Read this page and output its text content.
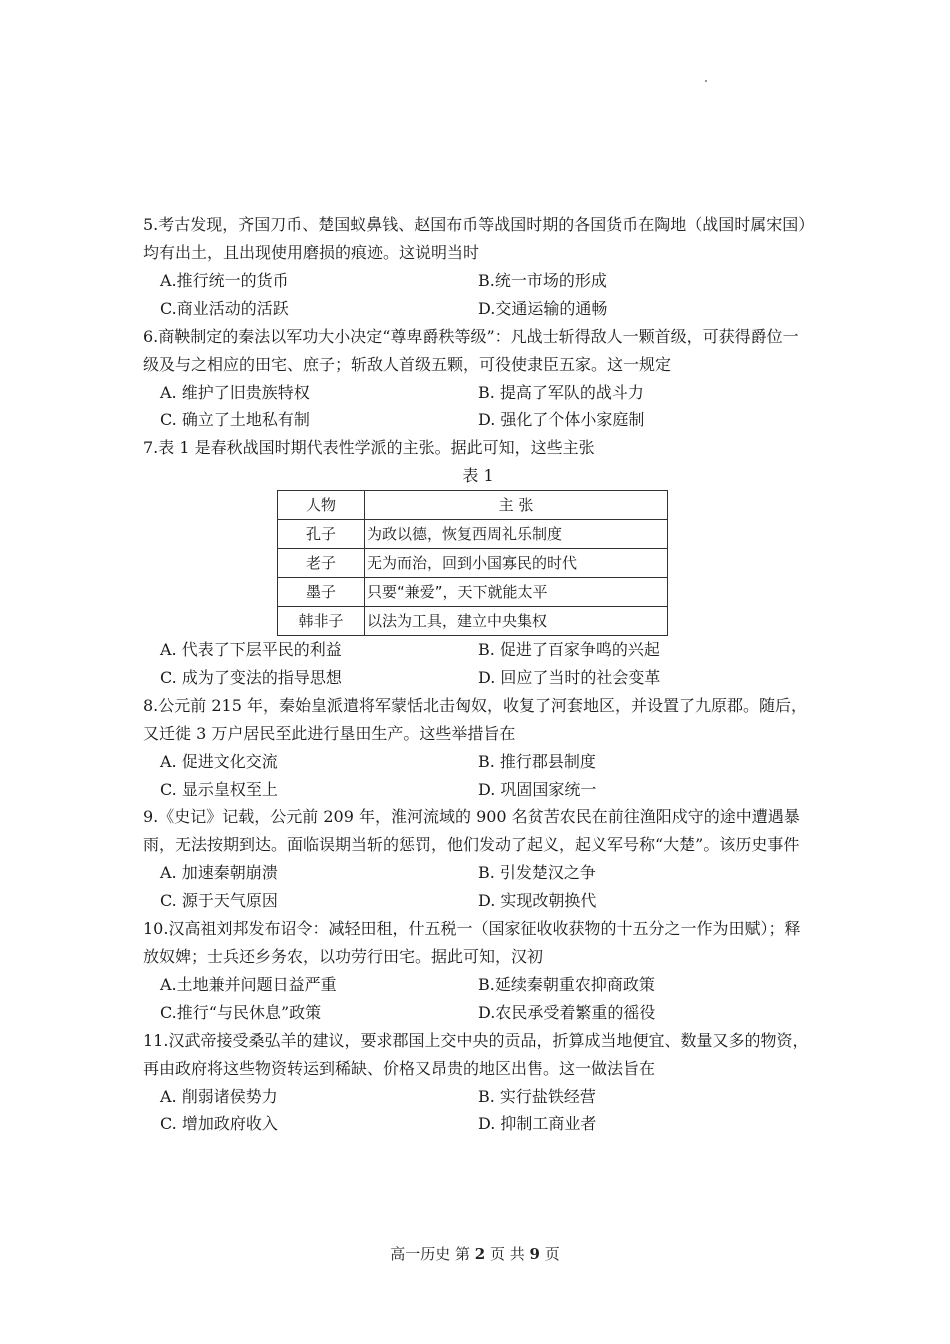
5.考古发现，齐国刀币、楚国蚁鼻钱、赵国布币等战国时期的各国货币在陶地（战国时属宋国）均有出土，且出现使用磨损的痕迹。这说明当时
A.推行统一的货币	B.统一市场的形成
C.商业活动的活跃	D.交通运输的通畅
6.商鞅制定的秦法以军功大小决定“尊卑爵秩等级”：凡战士斩得敌人一颗首级，可获得爵位一级及与之相应的田宅、庶子；斩敌人首级五颗，可役使隶臣五家。这一规定
A. 维护了旧贵族特权	B. 提高了军队的战斗力
C. 确立了土地私有制	D. 强化了个体小家庭制
7.表 1 是春秋战国时期代表性学派的主张。据此可知，这些主张
表 1
人物	主 张
孔子	为政以德，恢复西周礼乐制度
老子	无为而治，回到小国寡民的时代
墨子	只要“兼爱”，天下就能太平
韩非子	以法为工具，建立中央集权
A. 代表了下层平民的利益	B. 促进了百家争鸣的兴起
C. 成为了变法的指导思想	D. 回应了当时的社会变革
8.公元前 215 年，秦始皇派遣将军蒙恬北击匈奴，收复了河套地区，并设置了九原郡。随后，又迁徙 3 万户居民至此进行垦田生产。这些举措旨在
A. 促进文化交流	B. 推行郡县制度
C. 显示皇权至上	D. 巩固国家统一
9.《史记》记载，公元前 209 年，淮河流域的 900 名贫苦农民在前往渔阳戍守的途中遭遇暴雨，无法按期到达。面临误期当斩的惩罚，他们发动了起义，起义军号称“大楚”。该历史事件
A. 加速秦朝崩溃	B. 引发楚汉之争
C. 源于天气原因	D. 实现改朝换代
10.汉高祖刘邦发布诏令：减轻田租，什五税一（国家征收收获物的十五分之一作为田赋）；释放奴婢；士兵还乡务农，以功劳行田宅。据此可知，汉初
A.土地兼并问题日益严重	B.延续秦朝重农抑商政策
C.推行“与民休息”政策	D.农民承受着繁重的徭役
11.汉武帝接受桑弘羊的建议，要求郡国上交中央的贡品，折算成当地便宜、数量又多的物资，再由政府将这些物资转运到稀缺、价格又昂贵的地区出售。这一做法旨在
A. 削弱诸侯势力	B. 实行盐铁经营
C. 增加政府收入	D. 抑制工商业者
高一历史 第 2 页 共 9 页
